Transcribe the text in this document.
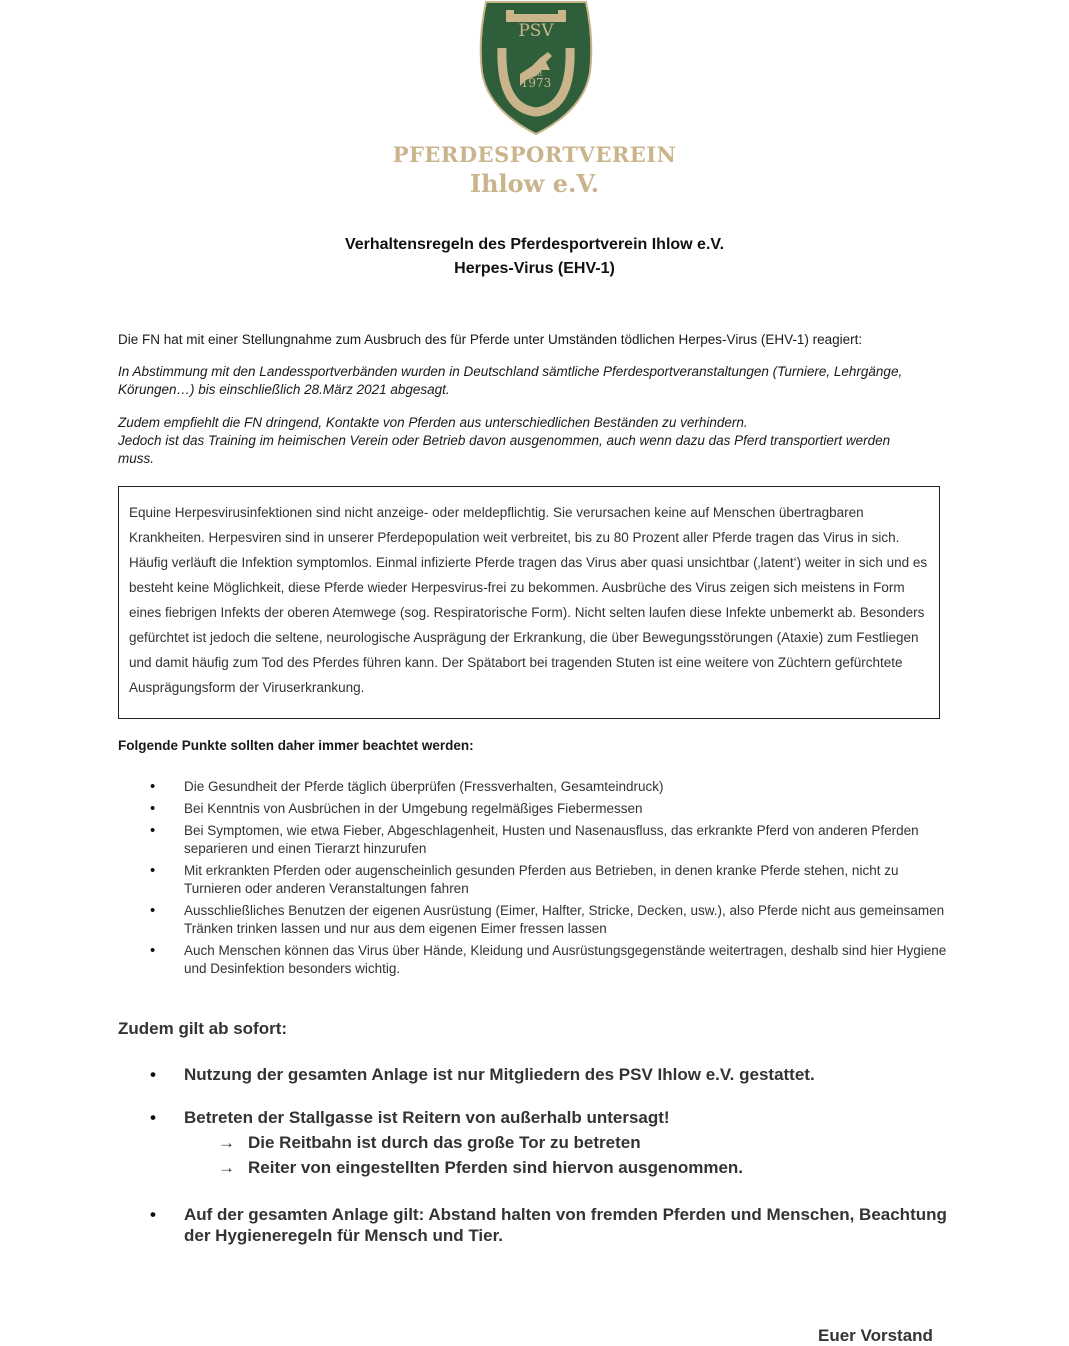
PSV
seit
1973
PFERDESPORTVEREIN
Ihlow e.V.
Verhaltensregeln des Pferdesportverein Ihlow e.V.
Herpes-Virus (EHV-1)
Die FN hat mit einer Stellungnahme zum Ausbruch des für Pferde unter Umständen tödlichen Herpes-Virus (EHV-1) reagiert:
In Abstimmung mit den Landessportverbänden wurden in Deutschland sämtliche Pferdesportveranstaltungen (Turniere, Lehrgänge, Körungen…) bis einschließlich 28.März 2021 abgesagt.
Zudem empfiehlt die FN dringend, Kontakte von Pferden aus unterschiedlichen Beständen zu verhindern.
Jedoch ist das Training im heimischen Verein oder Betrieb davon ausgenommen, auch wenn dazu das Pferd transportiert werden muss.
Equine Herpesvirusinfektionen sind nicht anzeige- oder meldepflichtig. Sie verursachen keine auf Menschen übertragbaren Krankheiten. Herpesviren sind in unserer Pferdepopulation weit verbreitet, bis zu 80 Prozent aller Pferde tragen das Virus in sich. Häufig verläuft die Infektion symptomlos. Einmal infizierte Pferde tragen das Virus aber quasi unsichtbar (‚latent‘) weiter in sich und es besteht keine Möglichkeit, diese Pferde wieder Herpesvirus-frei zu bekommen. Ausbrüche des Virus zeigen sich meistens in Form eines fiebrigen Infekts der oberen Atemwege (sog. Respiratorische Form). Nicht selten laufen diese Infekte unbemerkt ab. Besonders gefürchtet ist jedoch die seltene, neurologische Ausprägung der Erkrankung, die über Bewegungsstörungen (Ataxie) zum Festliegen und damit häufig zum Tod des Pferdes führen kann. Der Spätabort bei tragenden Stuten ist eine weitere von Züchtern gefürchtete Ausprägungsform der Viruserkrankung.
Folgende Punkte sollten daher immer beachtet werden:
• Die Gesundheit der Pferde täglich überprüfen (Fressverhalten, Gesamteindruck)
• Bei Kenntnis von Ausbrüchen in der Umgebung regelmäßiges Fiebermessen
• Bei Symptomen, wie etwa Fieber, Abgeschlagenheit, Husten und Nasenausfluss, das erkrankte Pferd von anderen Pferden separieren und einen Tierarzt hinzurufen
• Mit erkrankten Pferden oder augenscheinlich gesunden Pferden aus Betrieben, in denen kranke Pferde stehen, nicht zu Turnieren oder anderen Veranstaltungen fahren
• Ausschließliches Benutzen der eigenen Ausrüstung (Eimer, Halfter, Stricke, Decken, usw.), also Pferde nicht aus gemeinsamen Tränken trinken lassen und nur aus dem eigenen Eimer fressen lassen
• Auch Menschen können das Virus über Hände, Kleidung und Ausrüstungsgegenstände weitertragen, deshalb sind hier Hygiene und Desinfektion besonders wichtig.
Zudem gilt ab sofort:
• Nutzung der gesamten Anlage ist nur Mitgliedern des PSV Ihlow e.V. gestattet.
• Betreten der Stallgasse ist Reitern von außerhalb untersagt!
→ Die Reitbahn ist durch das große Tor zu betreten
→ Reiter von eingestellten Pferden sind hiervon ausgenommen.
• Auf der gesamten Anlage gilt: Abstand halten von fremden Pferden und Menschen, Beachtung der Hygieneregeln für Mensch und Tier.
Euer Vorstand
